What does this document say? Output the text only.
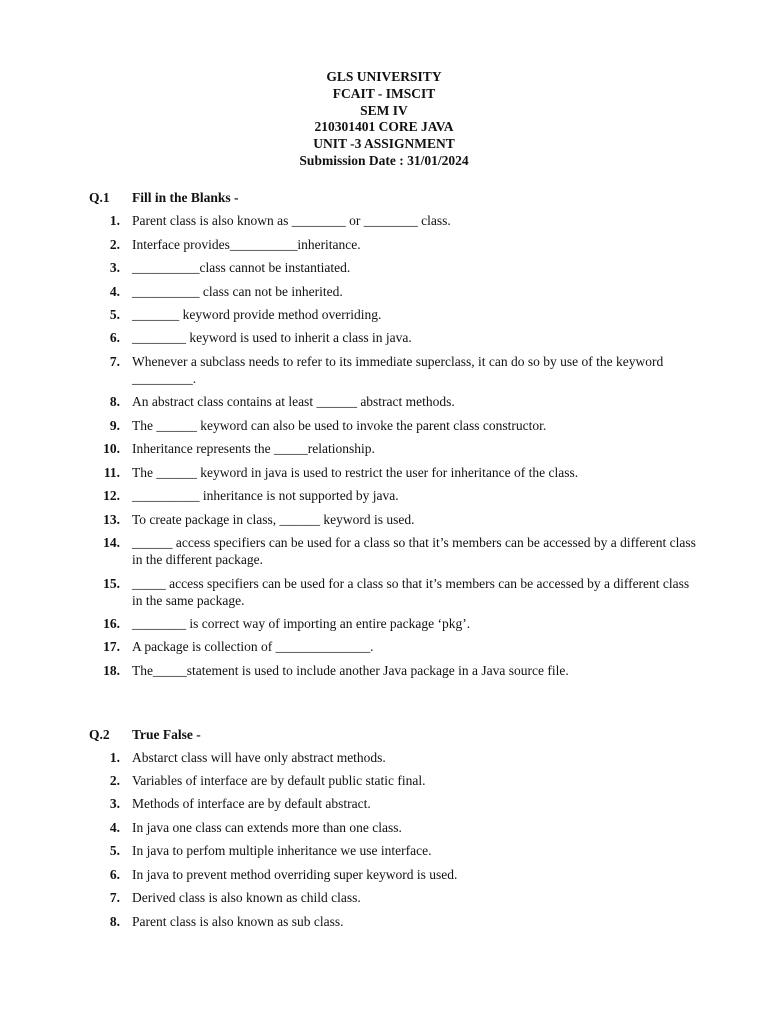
GLS UNIVERSITY
FCAIT - IMSCIT
SEM IV
210301401 CORE JAVA
UNIT -3 ASSIGNMENT
Submission Date : 31/01/2024
Q.1 Fill in the Blanks -
1. Parent class is also known as ________ or ________ class.
2. Interface provides__________inheritance.
3. __________class cannot be instantiated.
4. __________ class can not be inherited.
5. _______ keyword provide method overriding.
6. ________ keyword is used to inherit a class in java.
7. Whenever a subclass needs to refer to its immediate superclass, it can do so by use of the keyword _________.
8. An abstract class contains at least ______ abstract methods.
9. The ______ keyword can also be used to invoke the parent class constructor.
10. Inheritance represents the _____relationship.
11. The ______ keyword in java is used to restrict the user for inheritance of the class.
12. __________ inheritance is not supported by java.
13. To create package in class, ______ keyword is used.
14. ______ access specifiers can be used for a class so that it’s members can be accessed by a different class in the different package.
15. _____ access specifiers can be used for a class so that it’s members can be accessed by a different class in the same package.
16. ________ is correct way of importing an entire package ‘pkg’.
17. A package is collection of ______________.
18. The_____statement is used to include another Java package in a Java source file.
Q.2 True False -
1. Abstarct class will have only abstract methods.
2. Variables of interface are by default public static final.
3. Methods of interface are by default abstract.
4. In java one class can extends more than one class.
5. In java to perfom multiple inheritance we use interface.
6. In java to prevent method overriding super keyword is used.
7. Derived class is also known as child class.
8. Parent class is also known as sub class.
